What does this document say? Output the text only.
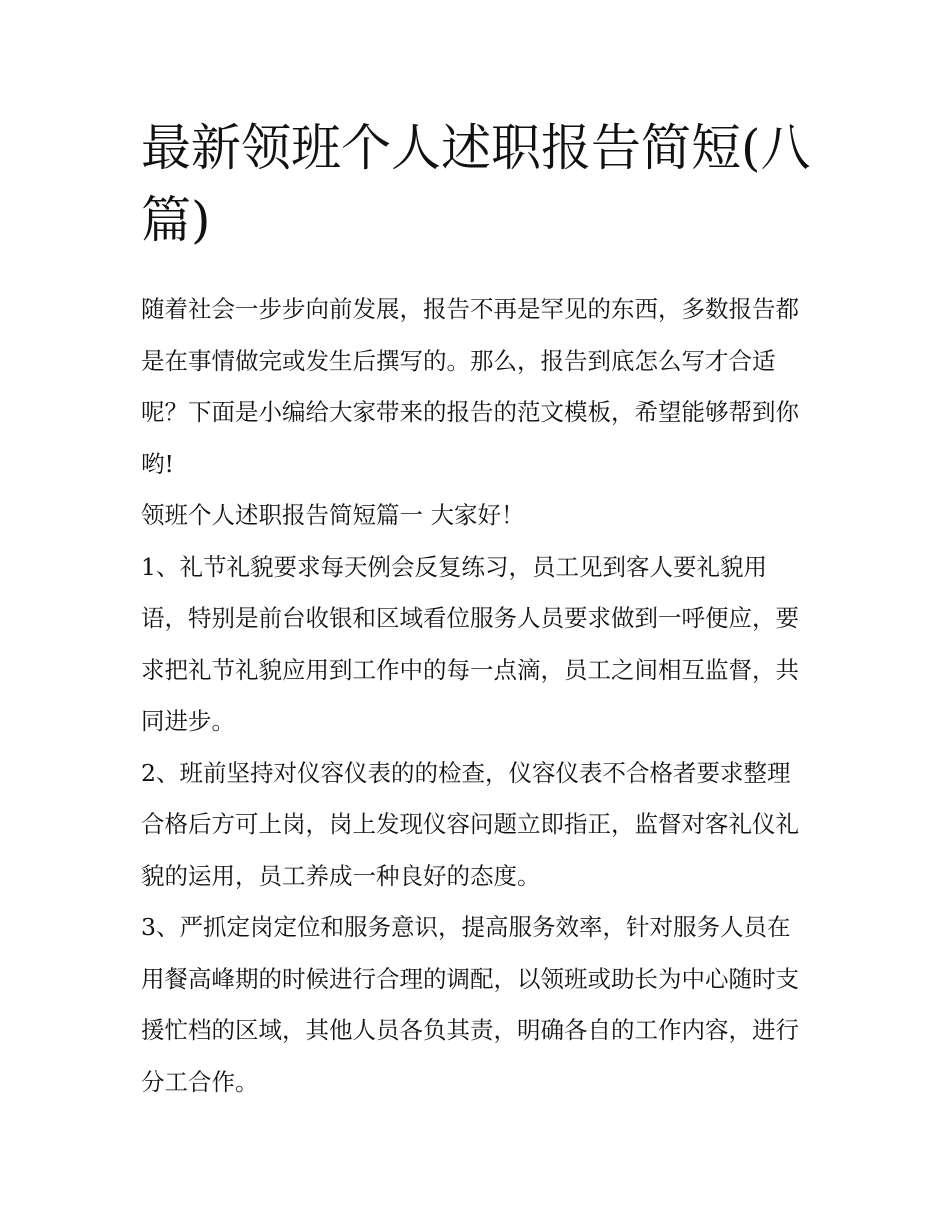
最新领班个人述职报告简短(八篇)

随着社会一步步向前发展，报告不再是罕见的东西，多数报告都是在事情做完或发生后撰写的。那么，报告到底怎么写才合适呢？下面是小编给大家带来的报告的范文模板，希望能够帮到你哟!

领班个人述职报告简短篇一 大家好！

1、礼节礼貌要求每天例会反复练习，员工见到客人要礼貌用语，特别是前台收银和区域看位服务人员要求做到一呼便应，要求把礼节礼貌应用到工作中的每一点滴，员工之间相互监督，共同进步。

2、班前坚持对仪容仪表的的检查，仪容仪表不合格者要求整理合格后方可上岗，岗上发现仪容问题立即指正，监督对客礼仪礼貌的运用，员工养成一种良好的态度。

3、严抓定岗定位和服务意识，提高服务效率，针对服务人员在用餐高峰期的时候进行合理的调配，以领班或助长为中心随时支援忙档的区域，其他人员各负其责，明确各自的工作内容，进行分工合作。
